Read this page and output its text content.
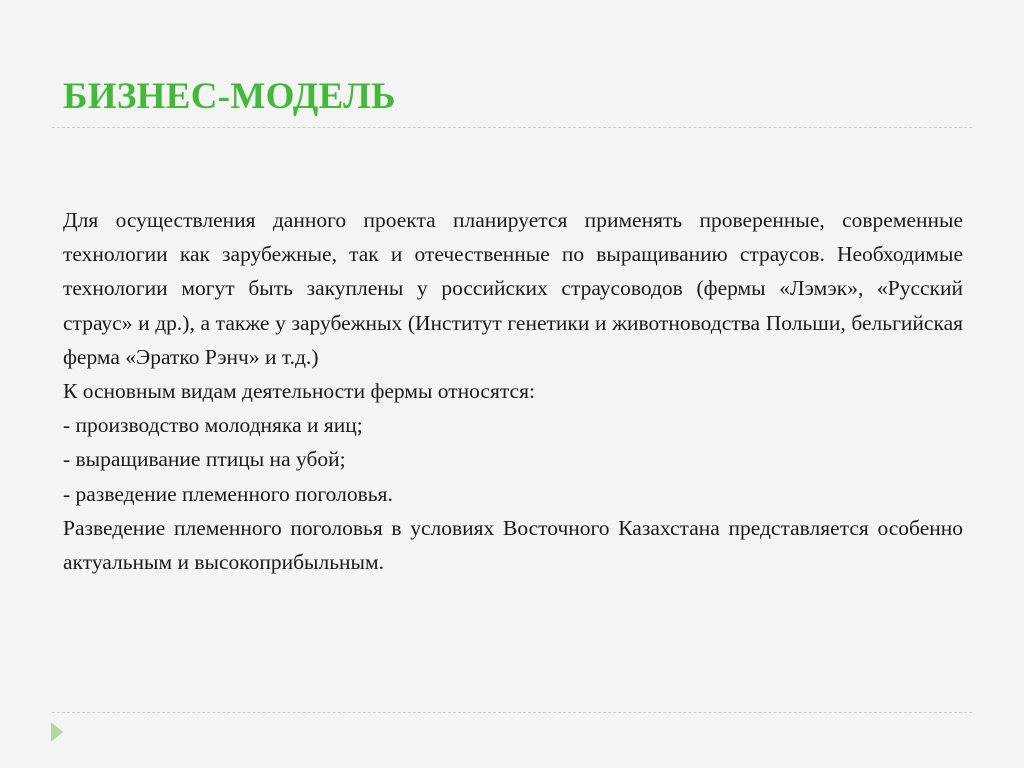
БИЗНЕС-МОДЕЛЬ

Для осуществления данного проекта планируется применять проверенные, современные технологии как зарубежные, так и отечественные по выращиванию страусов. Необходимые технологии могут быть закуплены у российских страусоводов (фермы «Лэмэк», «Русский страус» и др.), а также у зарубежных (Институт генетики и животноводства Польши, бельгийская ферма «Эратко Рэнч» и т.д.)

К основным видам деятельности фермы относятся:

- производство молодняка и яиц;

- выращивание птицы на убой;

- разведение племенного поголовья.

Разведение племенного поголовья в условиях Восточного Казахстана представляется особенно актуальным и высокоприбыльным.
